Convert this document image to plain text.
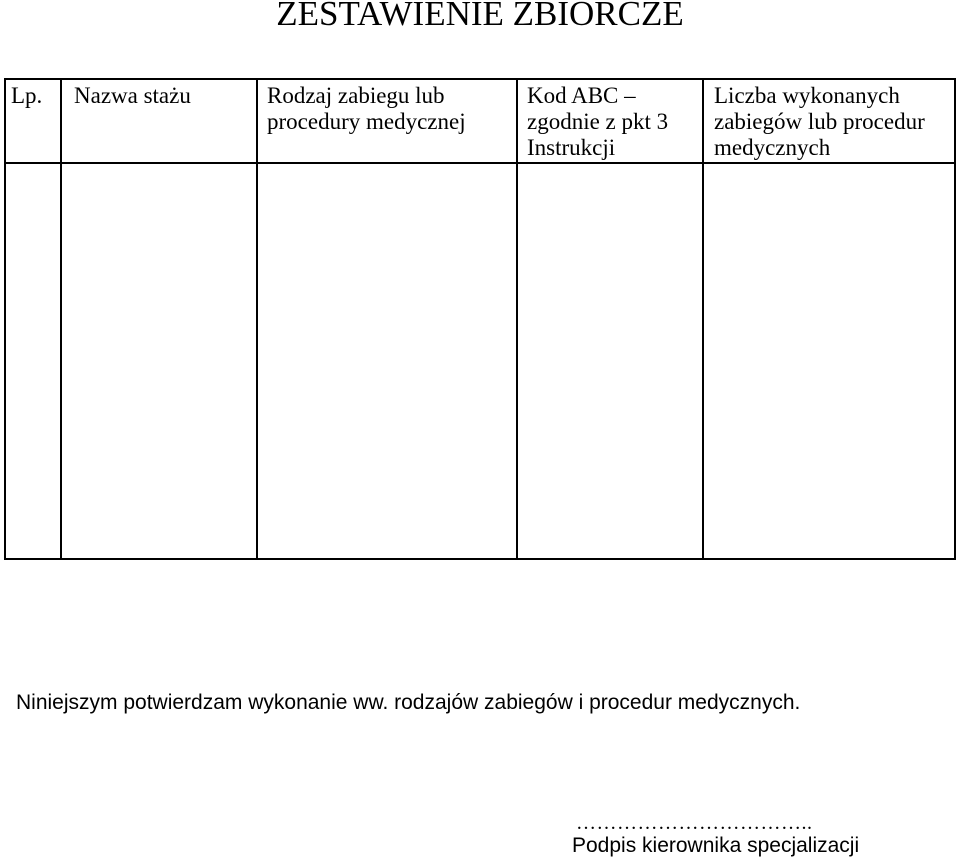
ZESTAWIENIE ZBIORCZE
Lp. Nazwa stażu	Rodzaj zabiegu lub
procedury medycznej
Kod ABC –
zgodnie z pkt 3
Instrukcji
Liczba wykonanych
zabiegów lub procedur
medycznych
Niniejszym potwierdzam wykonanie ww. rodzajów zabiegów i procedur medycznych.
……………………………..
Podpis kierownika specjalizacji
